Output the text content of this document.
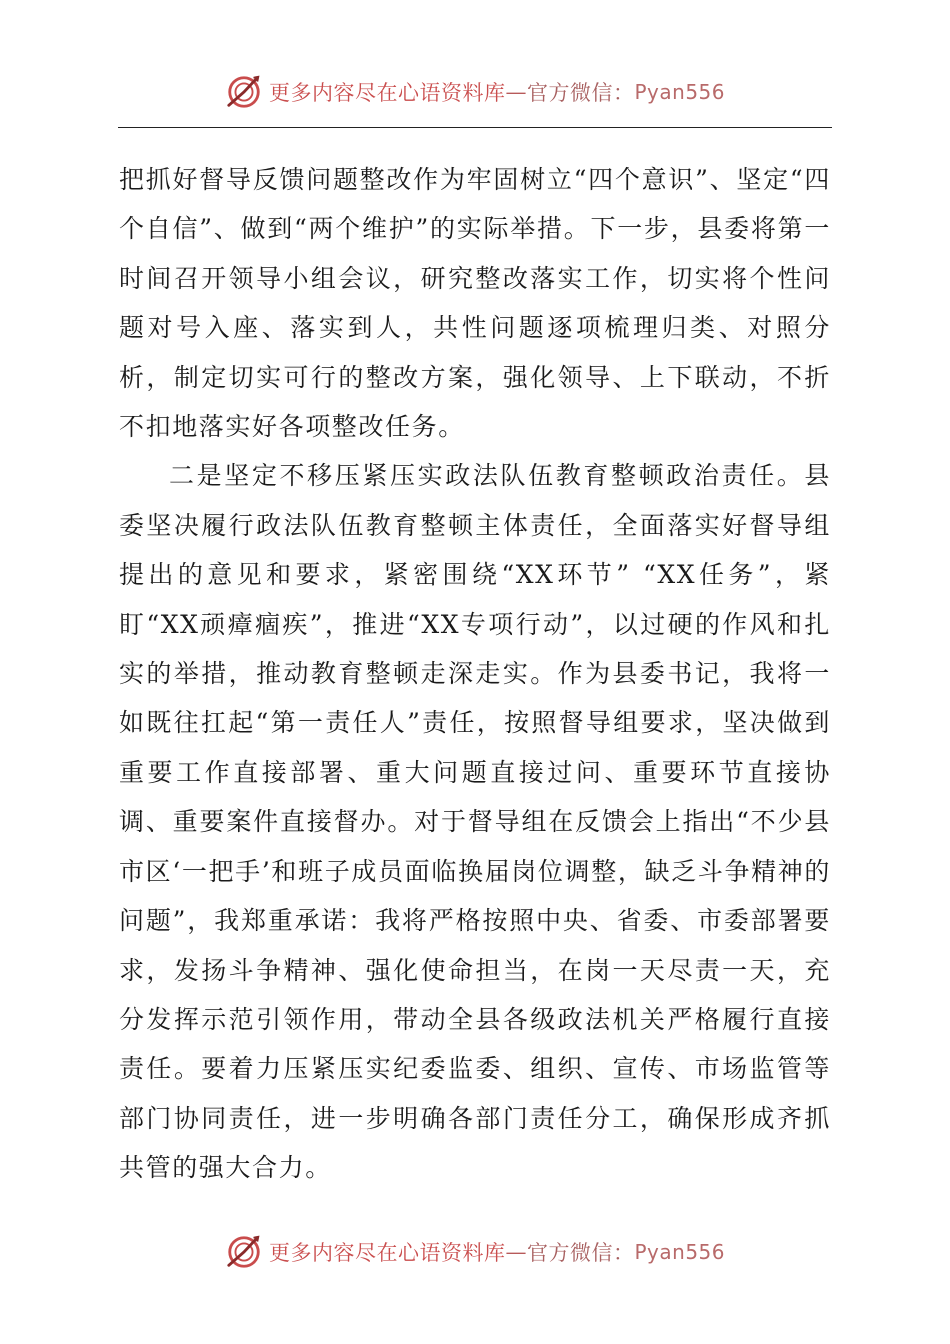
更多内容尽在心语资料库 — 官方微信： Pyan556

把抓好督导反馈问题整改作为牢固树立“四个意识”、坚定“四个自信”、做到“两个维护”的实际举措。下一步，县委将第一时间召开领导小组会议，研究整改落实工作，切实将个性问题对号入座、落实到人，共性问题逐项梳理归类、对照分析，制定切实可行的整改方案，强化领导、上下联动，不折不扣地落实好各项整改任务。

二是坚定不移压紧压实政法队伍教育整顿政治责任。县委坚决履行政法队伍教育整顿主体责任，全面落实好督导组提出的意见和要求，紧密围绕“XX环节” “XX任务”，紧盯“XX顽瘴痼疾”，推进“XX专项行动”，以过硬的作风和扎实的举措，推动教育整顿走深走实。作为县委书记，我将一如既往扛起“第一责任人”责任，按照督导组要求，坚决做到重要工作直接部署、重大问题直接过问、重要环节直接协调、重要案件直接督办。对于督导组在反馈会上指出“不少县市区‘一把手’和班子成员面临换届岗位调整，缺乏斗争精神的问题”，我郑重承诺：我将严格按照中央、省委、市委部署要求，发扬斗争精神、强化使命担当，在岗一天尽责一天，充分发挥示范引领作用，带动全县各级政法机关严格履行直接责任。要着力压紧压实纪委监委、组织、宣传、市场监管等部门协同责任，进一步明确各部门责任分工，确保形成齐抓共管的强大合力。

更多内容尽在心语资料库 — 官方微信： Pyan556
